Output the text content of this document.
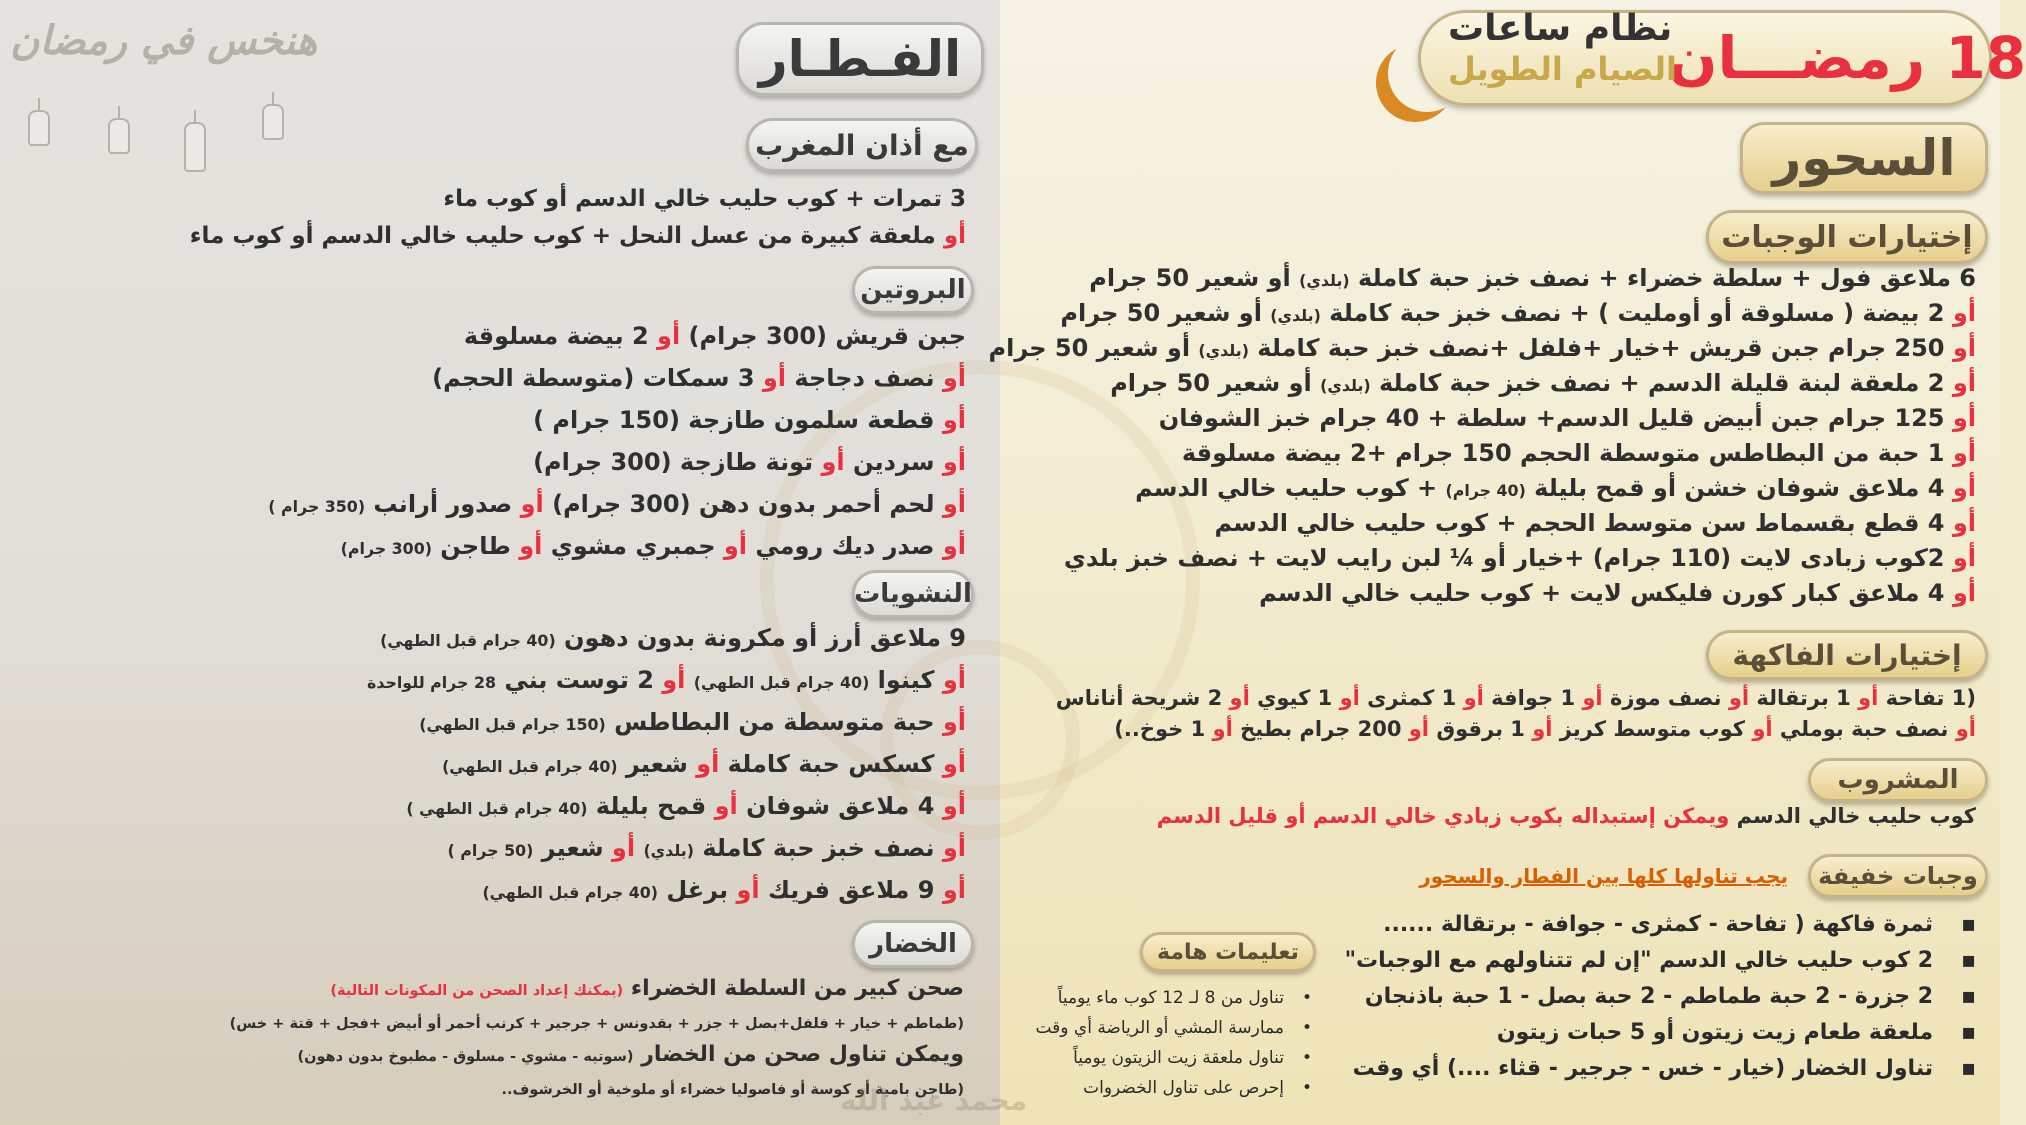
هنخس في رمضان	18 رمضـــان
نظام ساعات
الصيام الطويل
السحور
إختيارات الوجبات
6 ملاعق فول + سلطة خضراء + نصف خبز حبة كاملة (بلدي) أو شعير 50 جرام
أو 2 بيضة ( مسلوقة أو أومليت ) + نصف خبز حبة كاملة (بلدي) أو شعير 50 جرام
أو 250 جرام جبن قريش +خيار +فلفل +نصف خبز حبة كاملة (بلدي) أو شعير 50 جرام
أو 2 ملعقة لبنة قليلة الدسم + نصف خبز حبة كاملة (بلدي) أو شعير 50 جرام
أو 125 جرام جبن أبيض قليل الدسم+ سلطة + 40 جرام خبز الشوفان
أو 1 حبة من البطاطس متوسطة الحجم 150 جرام +2 بيضة مسلوقة
أو 4 ملاعق شوفان خشن أو قمح بليلة (40 جرام) + كوب حليب خالي الدسم
أو 4 قطع بقسماط سن متوسط الحجم + كوب حليب خالي الدسم
أو 2كوب زبادى لايت (110 جرام) +خيار أو ¼ لبن رايب لايت + نصف خبز بلدي
أو 4 ملاعق كبار كورن فليكس لايت + كوب حليب خالي الدسم
إختيارات الفاكهة
(1 تفاحة أو 1 برتقالة أو نصف موزة أو 1 جوافة أو 1 كمثرى أو 1 كيوي أو 2 شريحة أناناس
أو نصف حبة بوملي أو كوب متوسط كريز أو 1 برقوق أو 200 جرام بطيخ أو 1 خوخ..)
المشروب
كوب حليب خالي الدسم ويمكن إستبداله بكوب زبادي خالي الدسم أو قليل الدسم
وجبات خفيفة
يجب تناولها كلها بين الفطار والسحور
▪ثمرة فاكهة ( تفاحة - كمثرى - جوافة - برتقالة ......
▪2 كوب حليب خالي الدسم "إن لم تتناولهم مع الوجبات"
▪2 جزرة - 2 حبة طماطم - 2 حبة بصل - 1 حبة باذنجان
▪ملعقة طعام زيت زيتون أو 5 حبات زيتون
▪تناول الخضار (خيار - خس - جرجير - قثاء ....) أي وقت
تعليمات هامة
•تناول من 8 لـ 12 كوب ماء يومياً
•ممارسة المشي أو الرياضة أي وقت
•تناول ملعقة زيت الزيتون يومياً
•إحرص على تناول الخضروات
الفـطـار
مع أذان المغرب
3 تمرات + كوب حليب خالي الدسم أو كوب ماء
أو ملعقة كبيرة من عسل النحل + كوب حليب خالي الدسم أو كوب ماء
البروتين
جبن قريش (300 جرام) أو 2 بيضة مسلوقة
أو نصف دجاجة أو 3 سمكات (متوسطة الحجم)
أو قطعة سلمون طازجة (150 جرام )
أو سردين أو تونة طازجة (300 جرام)
أو لحم أحمر بدون دهن (300 جرام) أو صدور أرانب (350 جرام )
أو صدر ديك رومي أو جمبري مشوي أو طاجن (300 جرام)
النشويات
9 ملاعق أرز أو مكرونة بدون دهون (40 جرام قبل الطهي)
أو كينوا (40 جرام قبل الطهي) أو 2 توست بني 28 جرام للواحدة
أو حبة متوسطة من البطاطس (150 جرام قبل الطهي)
أو كسكس حبة كاملة أو شعير (40 جرام قبل الطهي)
أو 4 ملاعق شوفان أو قمح بليلة (40 جرام قبل الطهي )
أو نصف خبز حبة كاملة (بلدي) أو شعير (50 جرام )
أو 9 ملاعق فريك أو برغل (40 جرام قبل الطهي)
الخضار
صحن كبير من السلطة الخضراء (يمكنك إعداد الصحن من المكونات التالية)
(طماطم + خيار + فلفل+بصل + جزر + بقدونس + جرجير + كرنب أحمر أو أبيض +فجل + قتة + خس)
ويمكن تناول صحن من الخضار (سوتيه - مشوي - مسلوق - مطبوخ بدون دهون)
(طاجن بامية أو كوسة أو فاصوليا خضراء أو ملوخية أو الخرشوف..
محمد عبد الله
